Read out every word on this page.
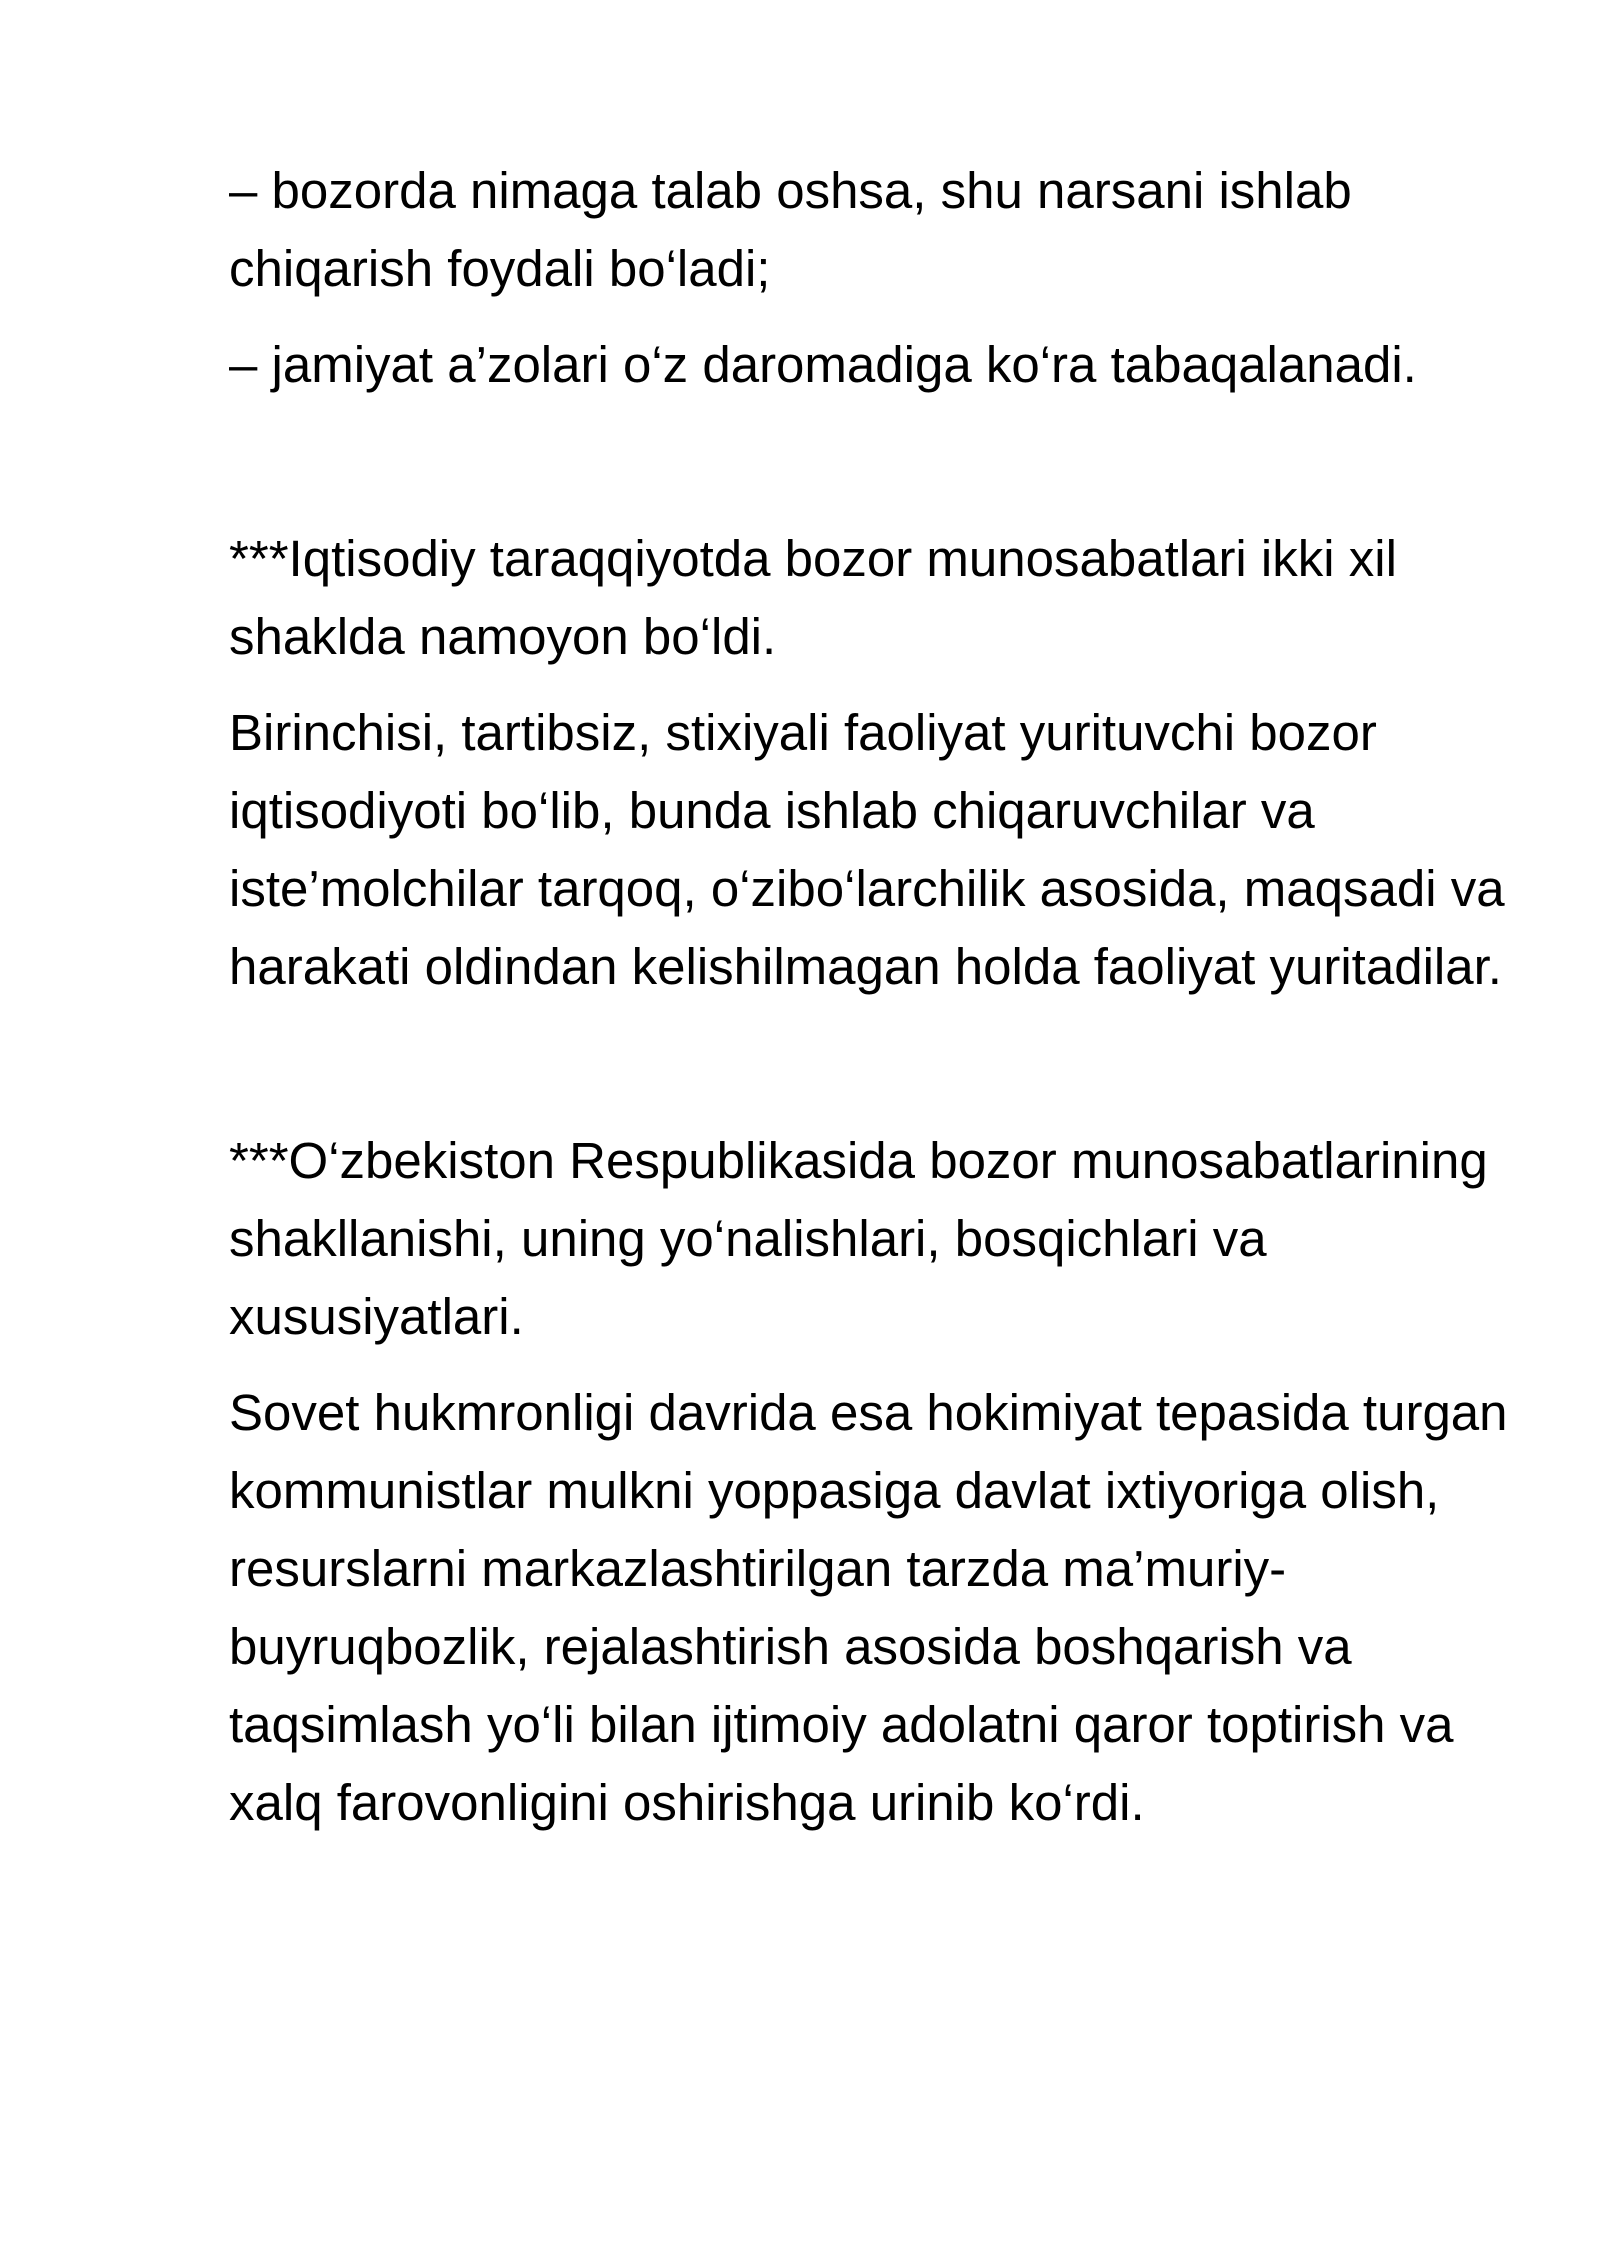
– bozorda nimaga talab oshsa, shu narsani ishlab chiqarish foydali bo‘ladi;

– jamiyat a’zolari o‘z daromadiga ko‘ra tabaqalanadi.

***Iqtisodiy taraqqiyotda bozor munosabatlari ikki xil shaklda namoyon bo‘ldi.

Birinchisi, tartibsiz, stixiyali faoliyat yurituvchi bozor iqtisodiyoti bo‘lib, bunda ishlab chiqaruvchilar va iste’molchilar tarqoq, o‘zibo‘larchilik asosida, maqsadi va harakati oldindan kelishilmagan holda faoliyat yuritadilar.

***O‘zbekiston Respublikasida bozor munosabatlarining shakllanishi, uning yo‘nalishlari, bosqichlari va xususiyatlari.

Sovet hukmronligi davrida esa hokimiyat tepasida turgan kommunistlar mulkni yoppasiga davlat ixtiyoriga olish, resurslarni markazlashtirilgan tarzda ma’muriy-buyruqbozlik, rejalashtirish asosida boshqarish va taqsimlash yo‘li bilan ijtimoiy adolatni qaror toptirish va xalq farovonligini oshirishga urinib ko‘rdi.
